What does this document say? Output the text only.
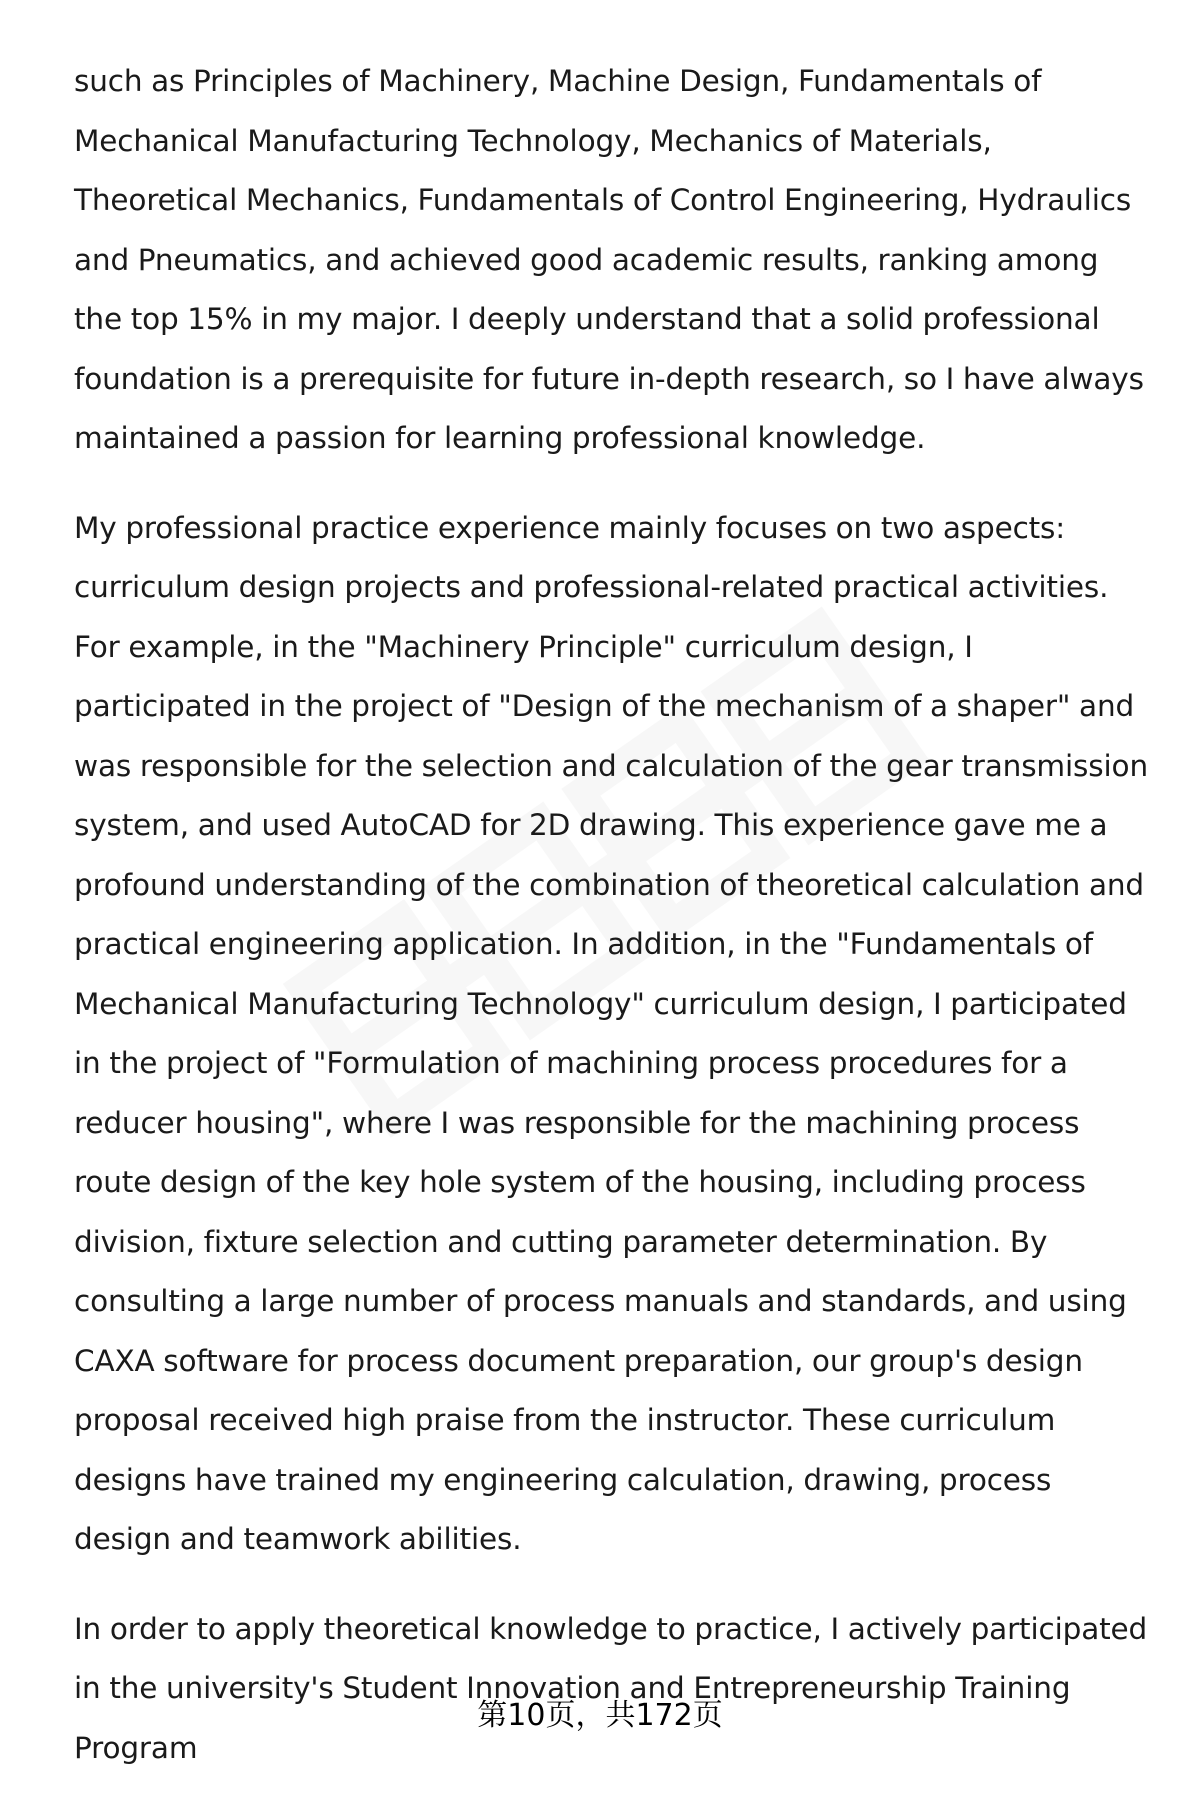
such as Principles of Machinery, Machine Design, Fundamentals of Mechanical Manufacturing Technology, Mechanics of Materials, Theoretical Mechanics, Fundamentals of Control Engineering, Hydraulics and Pneumatics, and achieved good academic results, ranking among the top 15% in my major. I deeply understand that a solid professional foundation is a prerequisite for future in-depth research, so I have always maintained a passion for learning professional knowledge.

My professional practice experience mainly focuses on two aspects: curriculum design projects and professional-related practical activities. For example, in the "Machinery Principle" curriculum design, I participated in the project of "Design of the mechanism of a shaper" and was responsible for the selection and calculation of the gear transmission system, and used AutoCAD for 2D drawing. This experience gave me a profound understanding of the combination of theoretical calculation and practical engineering application. In addition, in the "Fundamentals of Mechanical Manufacturing Technology" curriculum design, I participated in the project of "Formulation of machining process procedures for a reducer housing", where I was responsible for the machining process route design of the key hole system of the housing, including process division, fixture selection and cutting parameter determination. By consulting a large number of process manuals and standards, and using CAXA software for process document preparation, our group's design proposal received high praise from the instructor. These curriculum designs have trained my engineering calculation, drawing, process design and teamwork abilities.

In order to apply theoretical knowledge to practice, I actively participated in the university's Student Innovation and Entrepreneurship Training Program

第10页，共172页
